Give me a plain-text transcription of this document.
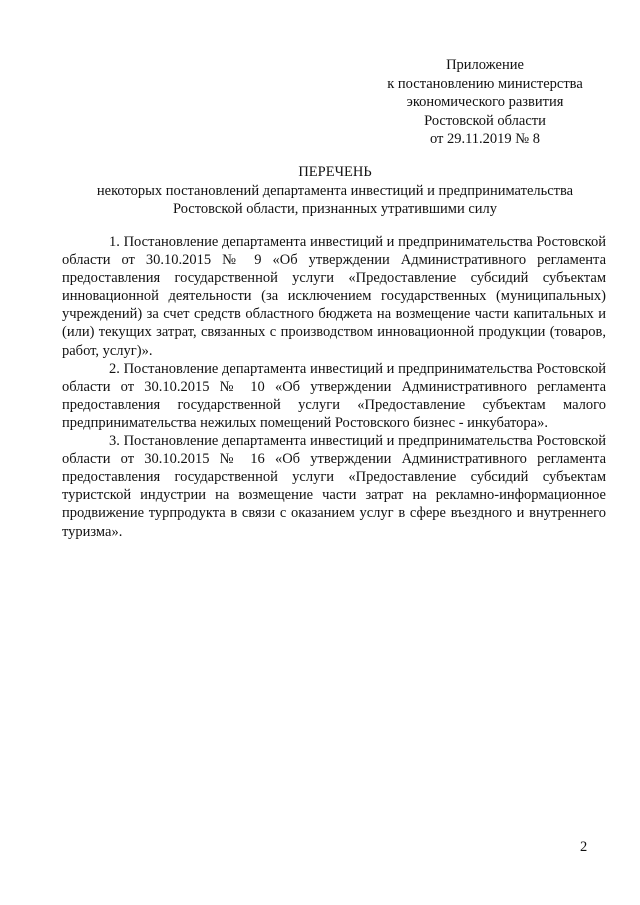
Приложение
к постановлению министерства
экономического развития
Ростовской области
от 29.11.2019 № 8
ПЕРЕЧЕНЬ
некоторых постановлений департамента инвестиций и предпринимательства
Ростовской области, признанных утратившими силу

1. Постановление департамента инвестиций и предпринимательства Ростовской области от 30.10.2015 № 9 «Об утверждении Административного регламента предоставления государственной услуги «Предоставление субсидий субъектам инновационной деятельности (за исключением государственных (муниципальных) учреждений) за счет средств областного бюджета на возмещение части капитальных и (или) текущих затрат, связанных с производством инновационной продукции (товаров, работ, услуг)».

2. Постановление департамента инвестиций и предпринимательства Ростовской области от 30.10.2015 № 10 «Об утверждении Административного регламента предоставления государственной услуги «Предоставление субъектам малого предпринимательства нежилых помещений Ростовского бизнес - инкубатора».

3. Постановление департамента инвестиций и предпринимательства Ростовской области от 30.10.2015 № 16 «Об утверждении Административного регламента предоставления государственной услуги «Предоставление субсидий субъектам туристской индустрии на возмещение части затрат на рекламно-информационное продвижение турпродукта в связи с оказанием услуг в сфере въездного и внутреннего туризма».

2
